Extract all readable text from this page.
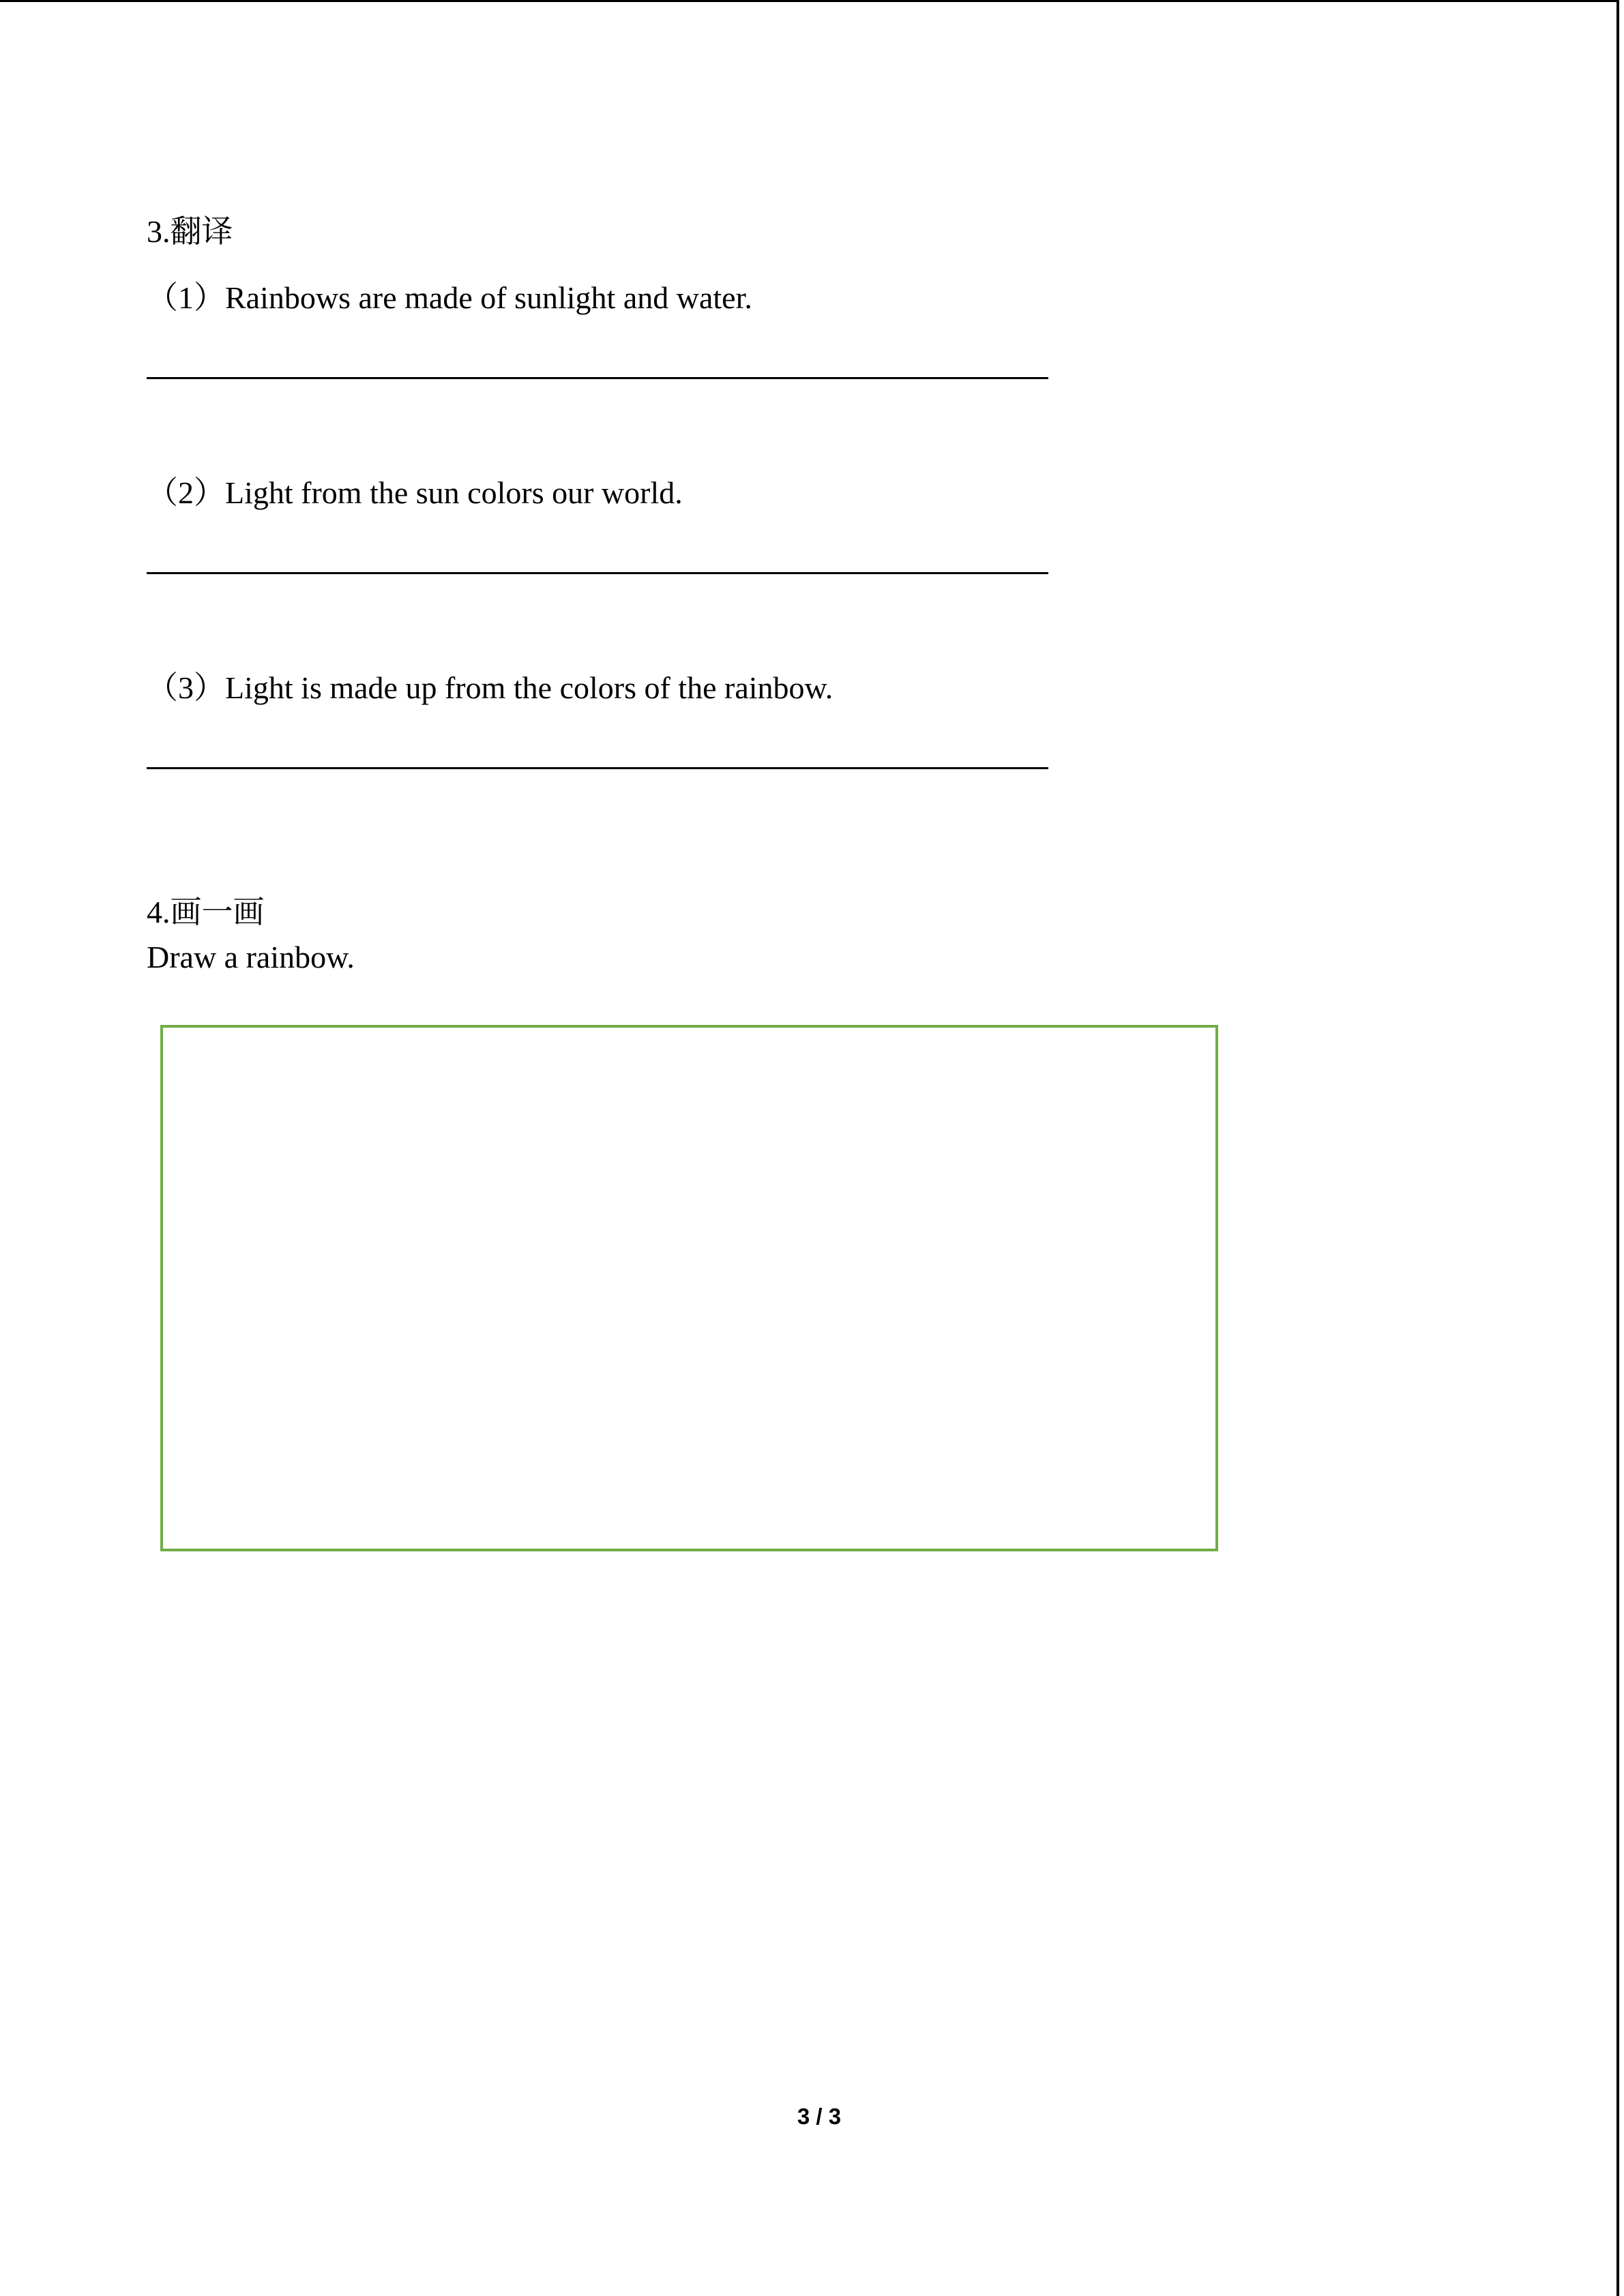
3.翻译
（1）Rainbows are made of sunlight and water.
（2）Light from the sun colors our world.
（3）Light is made up from the colors of the rainbow.
4.画一画
Draw a rainbow.
3 / 3
